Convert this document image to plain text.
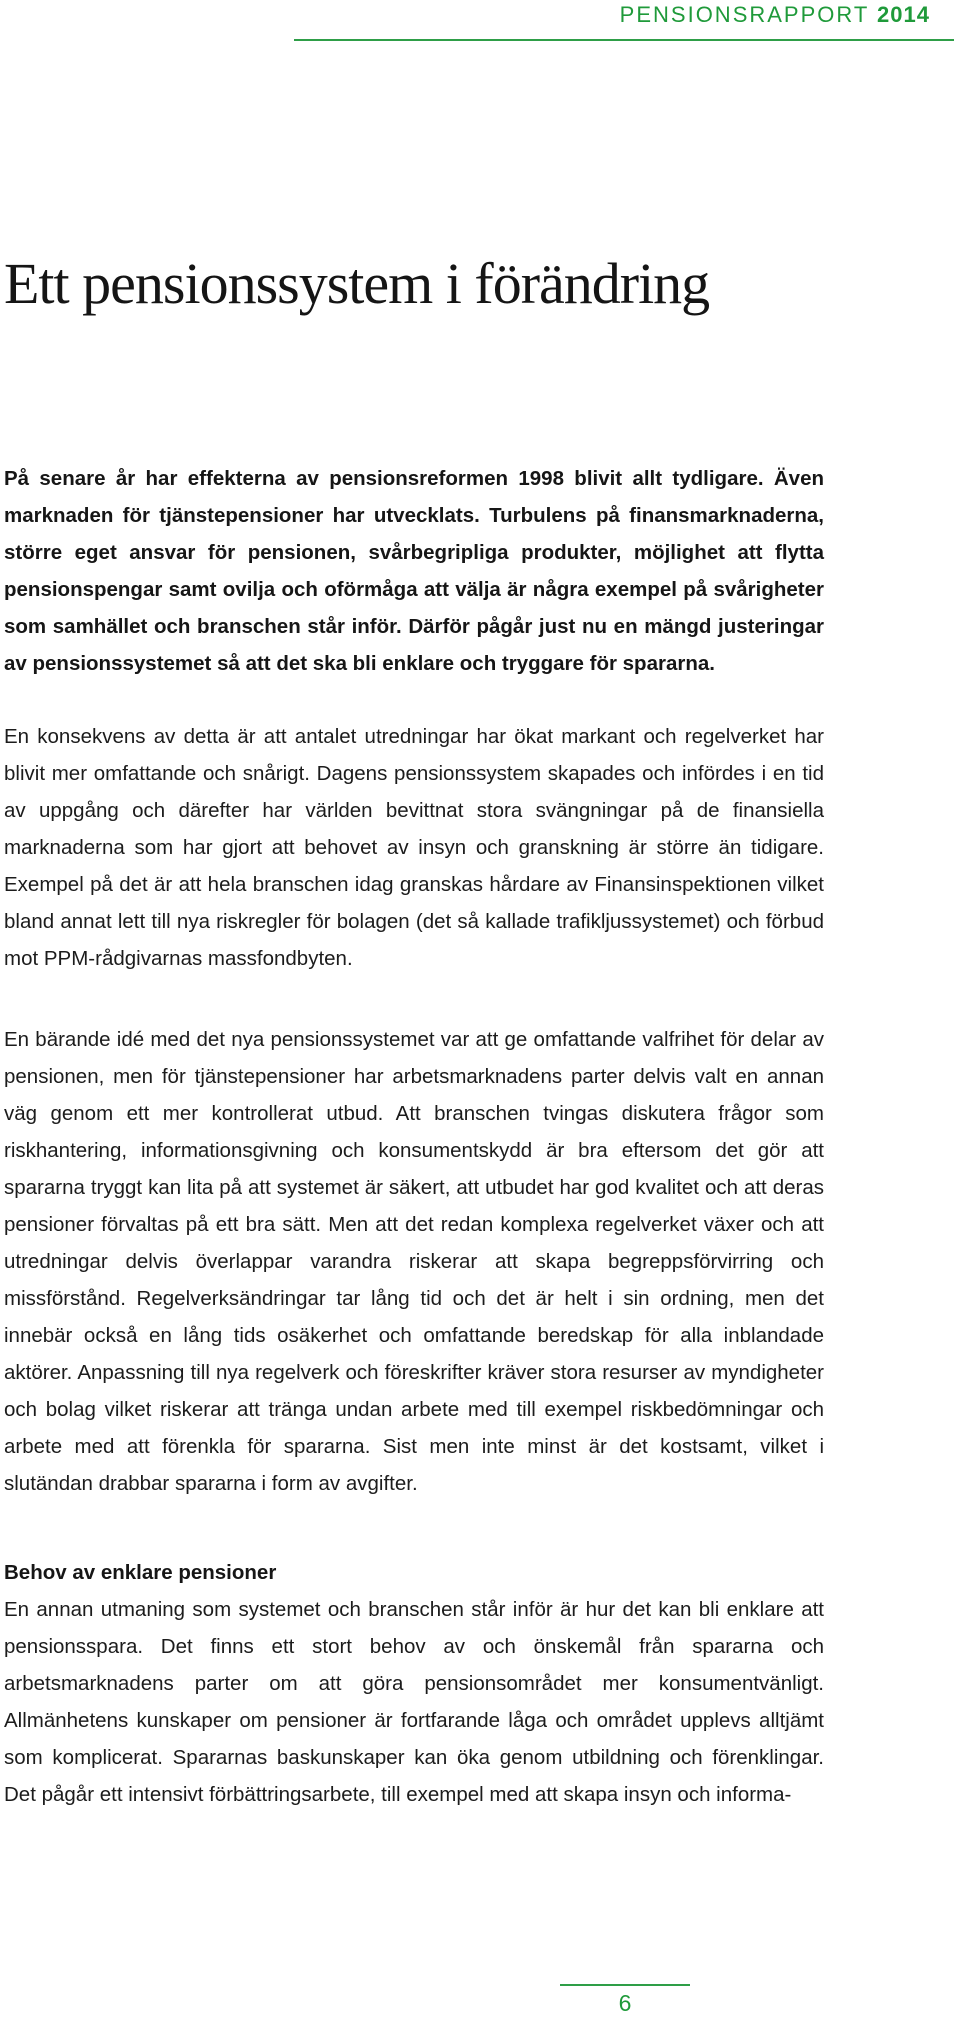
PENSIONSRAPPORT 2014
Ett pensionssystem i förändring

På senare år har effekterna av pensionsreformen 1998 blivit allt tydligare. Även marknaden för tjänstepensioner har utvecklats. Turbulens på finansmarknaderna, större eget ansvar för pensionen, svårbegripliga produkter, möjlighet att flytta pensionspengar samt ovilja och oförmåga att välja är några exempel på svårigheter som samhället och branschen står inför. Därför pågår just nu en mängd justeringar av pensionssystemet så att det ska bli enklare och tryggare för spararna.

En konsekvens av detta är att antalet utredningar har ökat markant och regelverket har blivit mer omfattande och snårigt. Dagens pensionssystem skapades och infördes i en tid av uppgång och därefter har världen bevittnat stora svängningar på de finansiella marknaderna som har gjort att behovet av insyn och granskning är större än tidigare. Exempel på det är att hela branschen idag granskas hårdare av Finansinspektionen vilket bland annat lett till nya riskregler för bolagen (det så kallade trafikljussystemet) och förbud mot PPM-rådgivarnas massfondbyten.

En bärande idé med det nya pensionssystemet var att ge omfattande valfrihet för delar av pensionen, men för tjänstepensioner har arbetsmarknadens parter delvis valt en annan väg genom ett mer kontrollerat utbud. Att branschen tvingas diskutera frågor som riskhantering, informationsgivning och konsumentskydd är bra eftersom det gör att spararna tryggt kan lita på att systemet är säkert, att utbudet har god kvalitet och att deras pensioner förvaltas på ett bra sätt. Men att det redan komplexa regelverket växer och att utredningar delvis överlappar varandra riskerar att skapa begreppsförvirring och missförstånd. Regelverksändringar tar lång tid och det är helt i sin ordning, men det innebär också en lång tids osäkerhet och omfattande beredskap för alla inblandade aktörer. Anpassning till nya regelverk och föreskrifter kräver stora resurser av myndigheter och bolag vilket riskerar att tränga undan arbete med till exempel riskbedömningar och arbete med att förenkla för spararna. Sist men inte minst är det kostsamt, vilket i slutändan drabbar spararna i form av avgifter.

Behov av enklare pensioner

En annan utmaning som systemet och branschen står inför är hur det kan bli enklare att pensionsspara. Det finns ett stort behov av och önskemål från spararna och arbetsmarknadens parter om att göra pensionsområdet mer konsumentvänligt. Allmänhetens kunskaper om pensioner är fortfarande låga och området upplevs alltjämt som komplicerat. Spararnas baskunskaper kan öka genom utbildning och förenklingar. Det pågår ett intensivt förbättringsarbete, till exempel med att skapa insyn och informa-

6
